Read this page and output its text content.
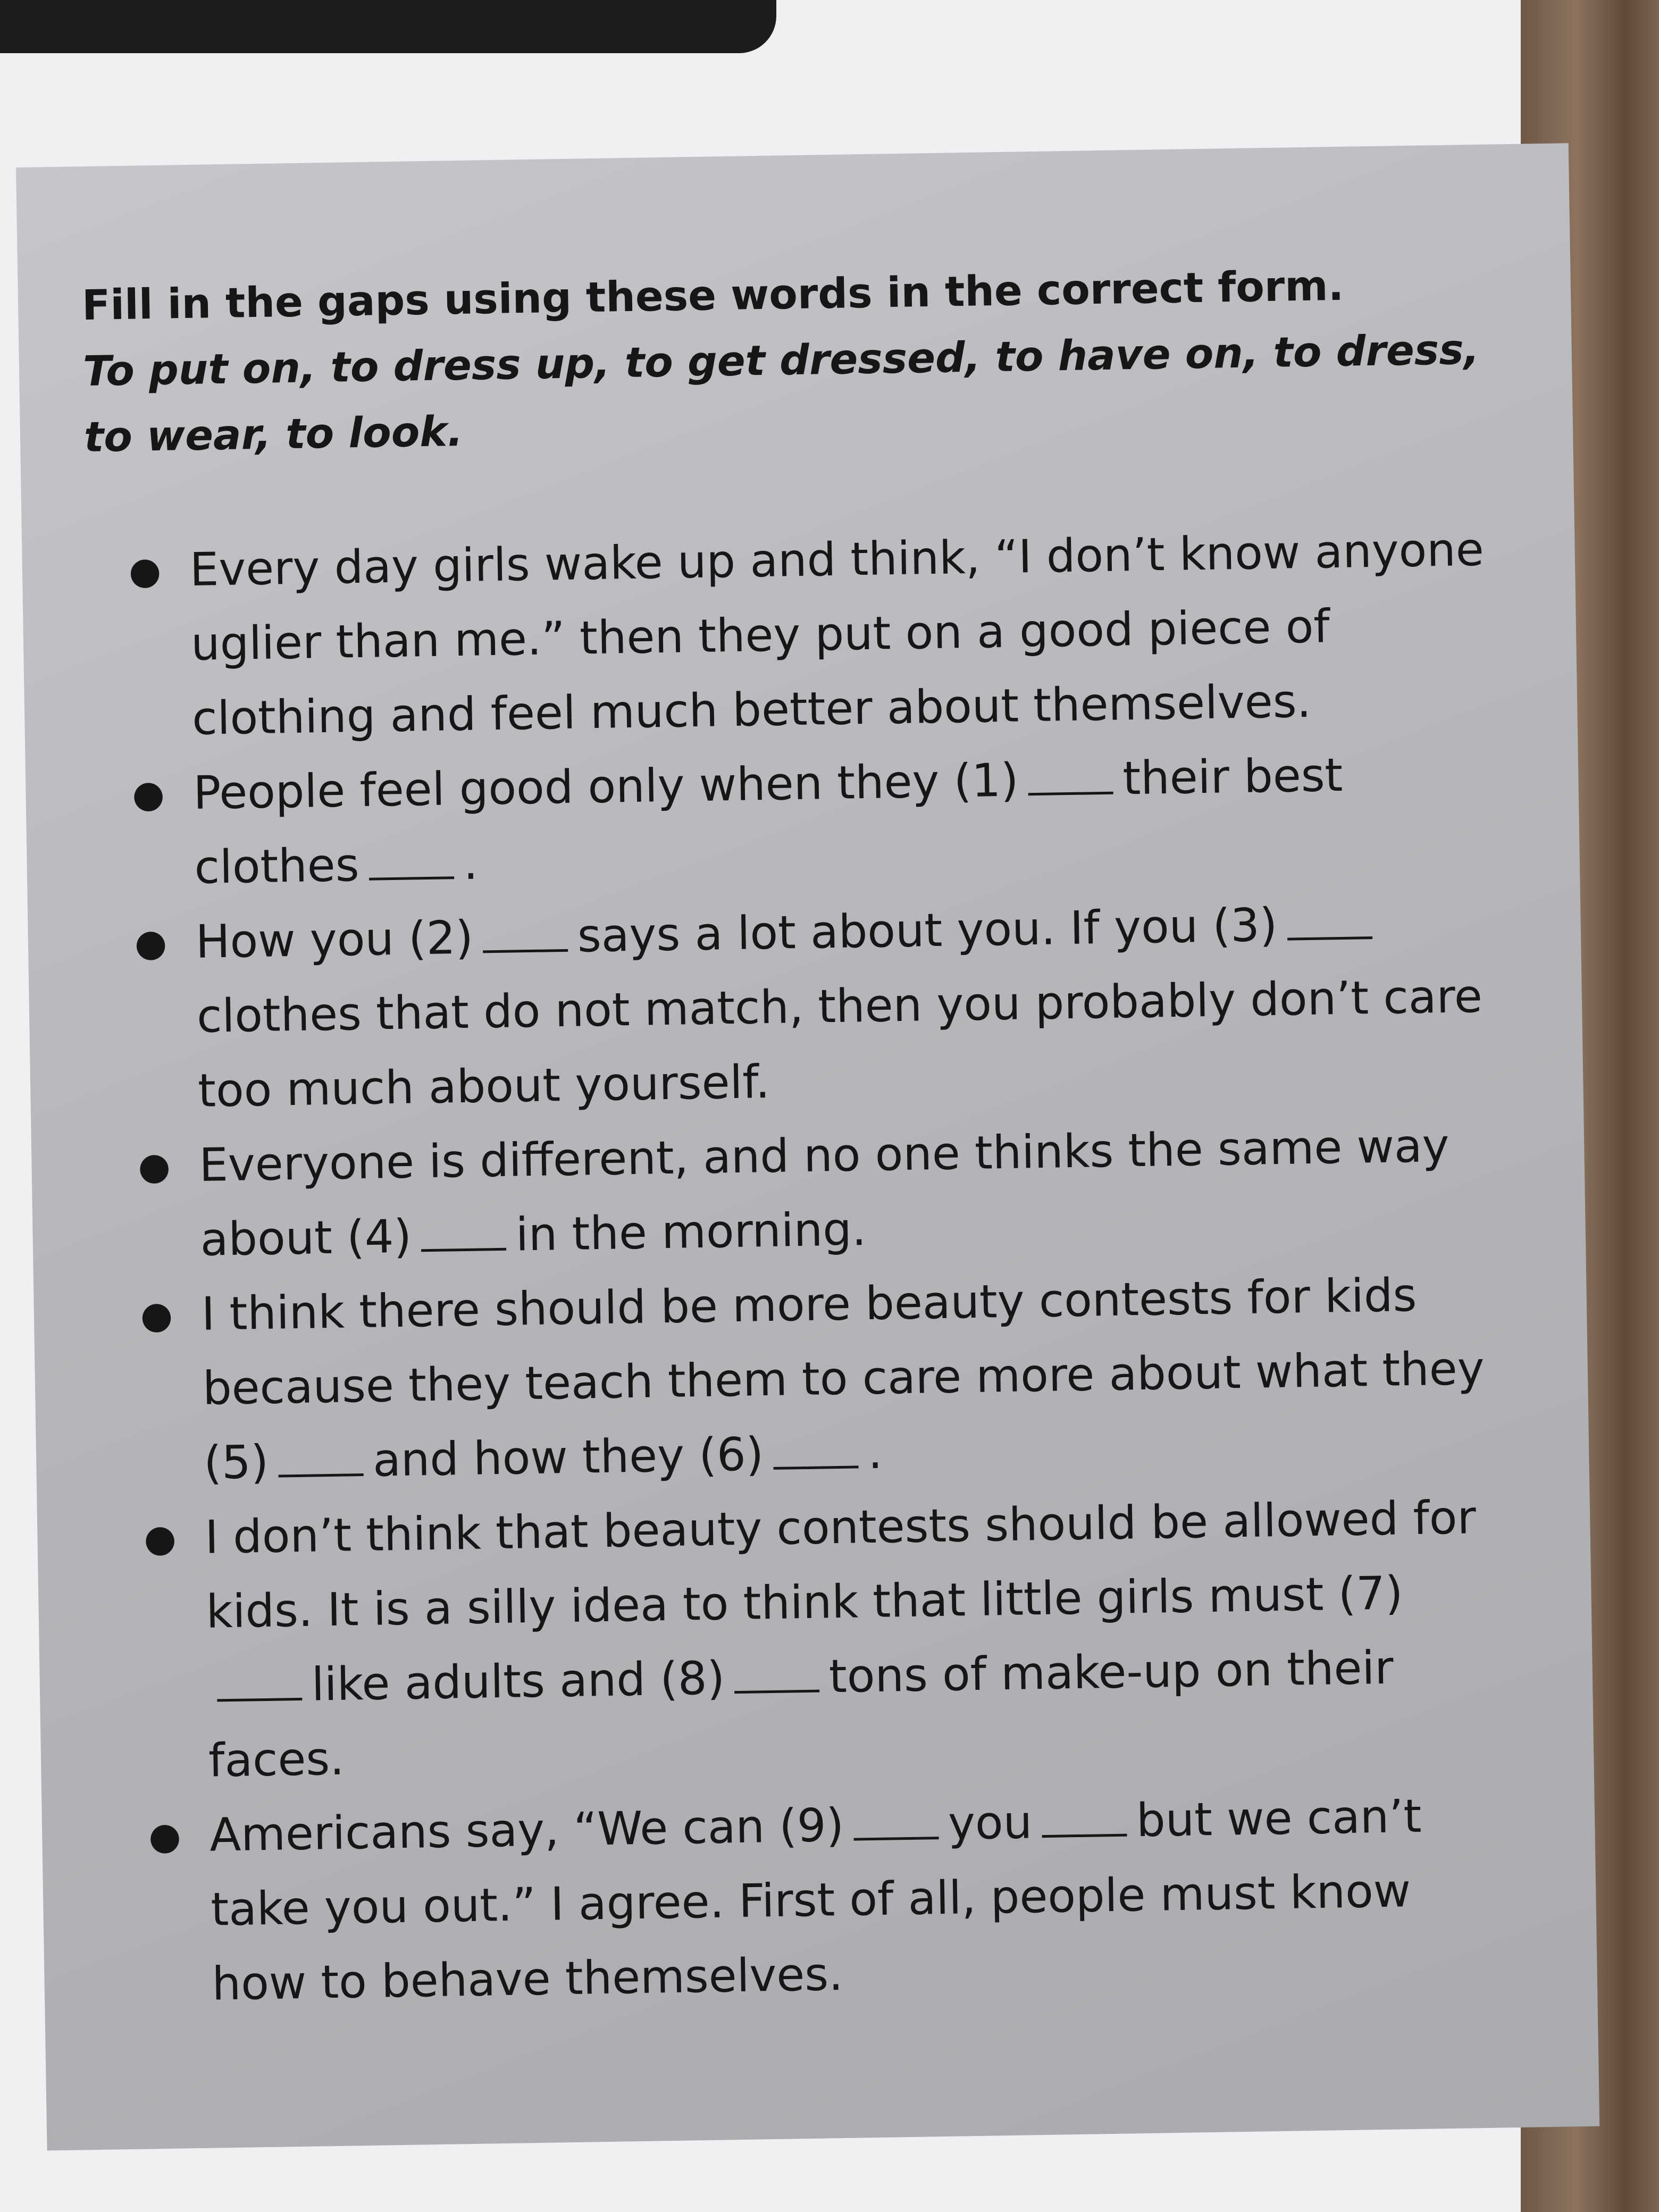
Fill in the gaps using these words in the correct form.

To put on, to dress up, to get dressed, to have on, to dress, to wear, to look.

● Every day girls wake up and think, “I don’t know anyone uglier than me.” then they put on a good piece of clothing and feel much better about themselves.
● People feel good only when they (1) their best clothes .
● How you (2) says a lot about you. If you (3)clothes that do not match, then you probably don’t care too much about yourself.
● Everyone is different, and no one thinks the same way about (4) in the morning.
● I think there should be more beauty contests for kids because they teach them to care more about what they (5) and how they (6) .
● I don’t think that beauty contests should be allowed for kids. It is a silly idea to think that little girls must (7)like adults and (8) tons of make-up on their faces.
● Americans say, “We can (9) you but we can’t take you out.” I agree. First of all, people must know how to behave themselves.
